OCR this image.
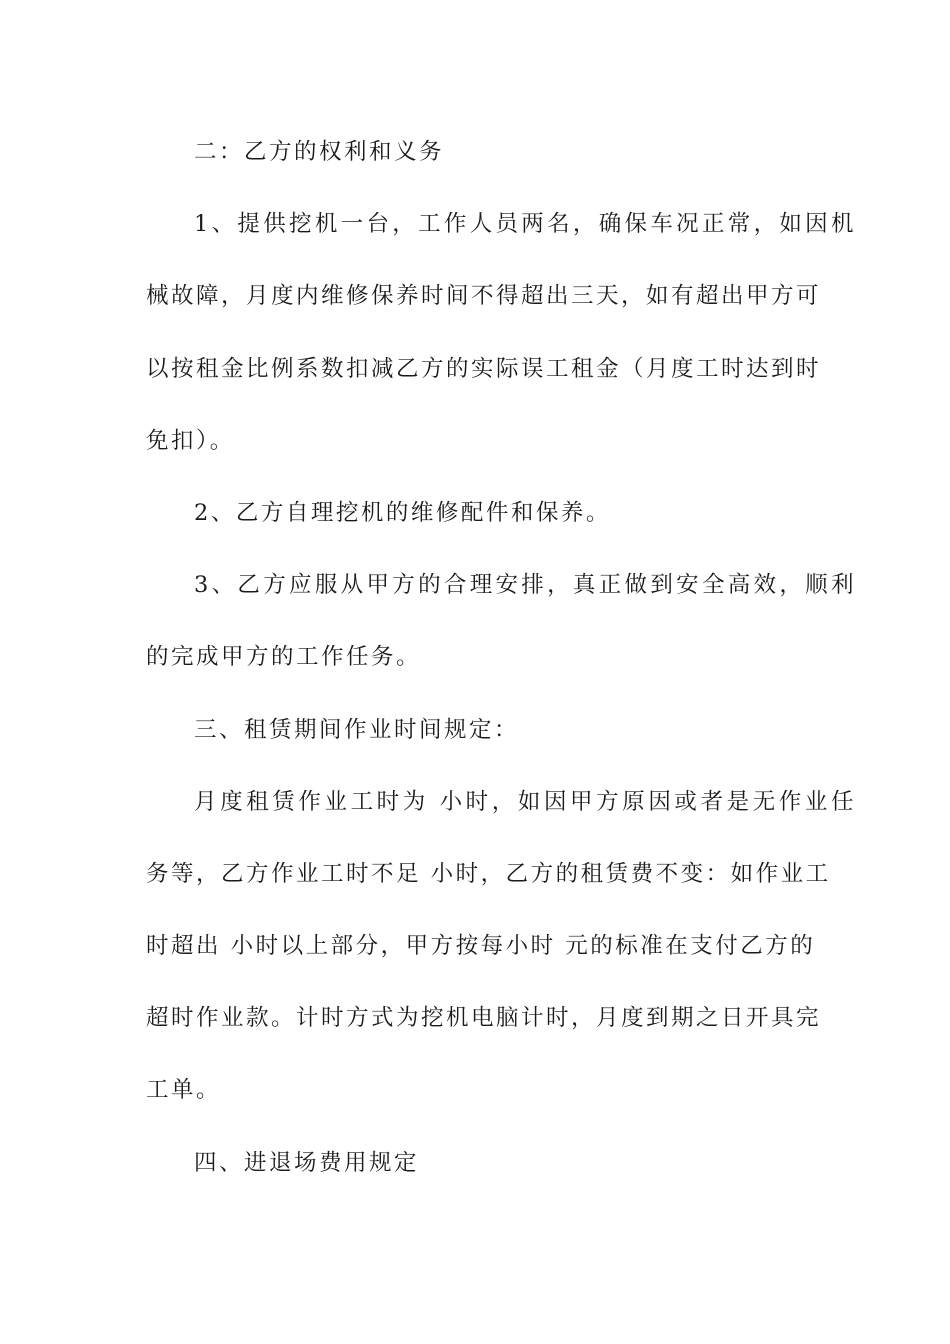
二：乙方的权利和义务
1、提供挖机一台，工作人员两名，确保车况正常，如因机
械故障，月度内维修保养时间不得超出三天，如有超出甲方可
以按租金比例系数扣减乙方的实际误工租金（月度工时达到时
免扣）。
2、乙方自理挖机的维修配件和保养。
3、乙方应服从甲方的合理安排，真正做到安全高效，顺利
的完成甲方的工作任务。
三、租赁期间作业时间规定：
月度租赁作业工时为 小时，如因甲方原因或者是无作业任
务等，乙方作业工时不足 小时，乙方的租赁费不变：如作业工
时超出 小时以上部分，甲方按每小时 元的标准在支付乙方的
超时作业款。计时方式为挖机电脑计时，月度到期之日开具完
工单。
四、进退场费用规定
